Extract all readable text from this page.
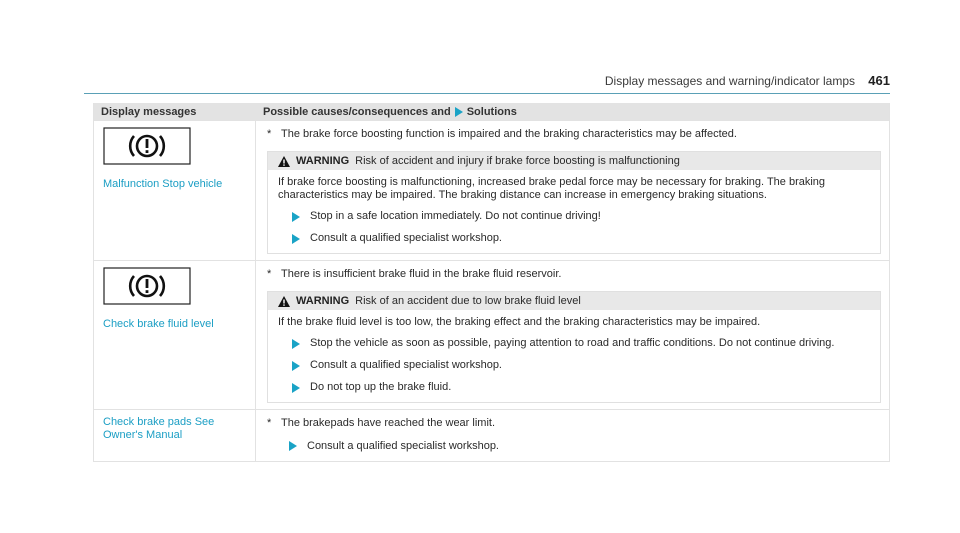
Display messages and warning/indicator lamps 461
Display messages	Possible causes/consequences and Solutions
Malfunction Stop vehicle

* The brake force boosting function is impaired and the braking characteristics may be affected.

WARNING Risk of accident and injury if brake force boosting is malfunctioning

If brake force boosting is malfunctioning, increased brake pedal force may be necessary for braking. The braking characteristics may be impaired. The braking distance can increase in emergency braking situations.

Stop in a safe location immediately. Do not continue driving!
Consult a qualified specialist workshop.
Check brake fluid level

* There is insufficient brake fluid in the brake fluid reservoir.

WARNING Risk of an accident due to low brake fluid level

If the brake fluid level is too low, the braking effect and the braking characteristics may be impaired.

Stop the vehicle as soon as possible, paying attention to road and traffic conditions. Do not continue driving.
Consult a qualified specialist workshop.
Do not top up the brake fluid.
Check brake pads See
Owner's Manual

* The brakepads have reached the wear limit.

Consult a qualified specialist workshop.
